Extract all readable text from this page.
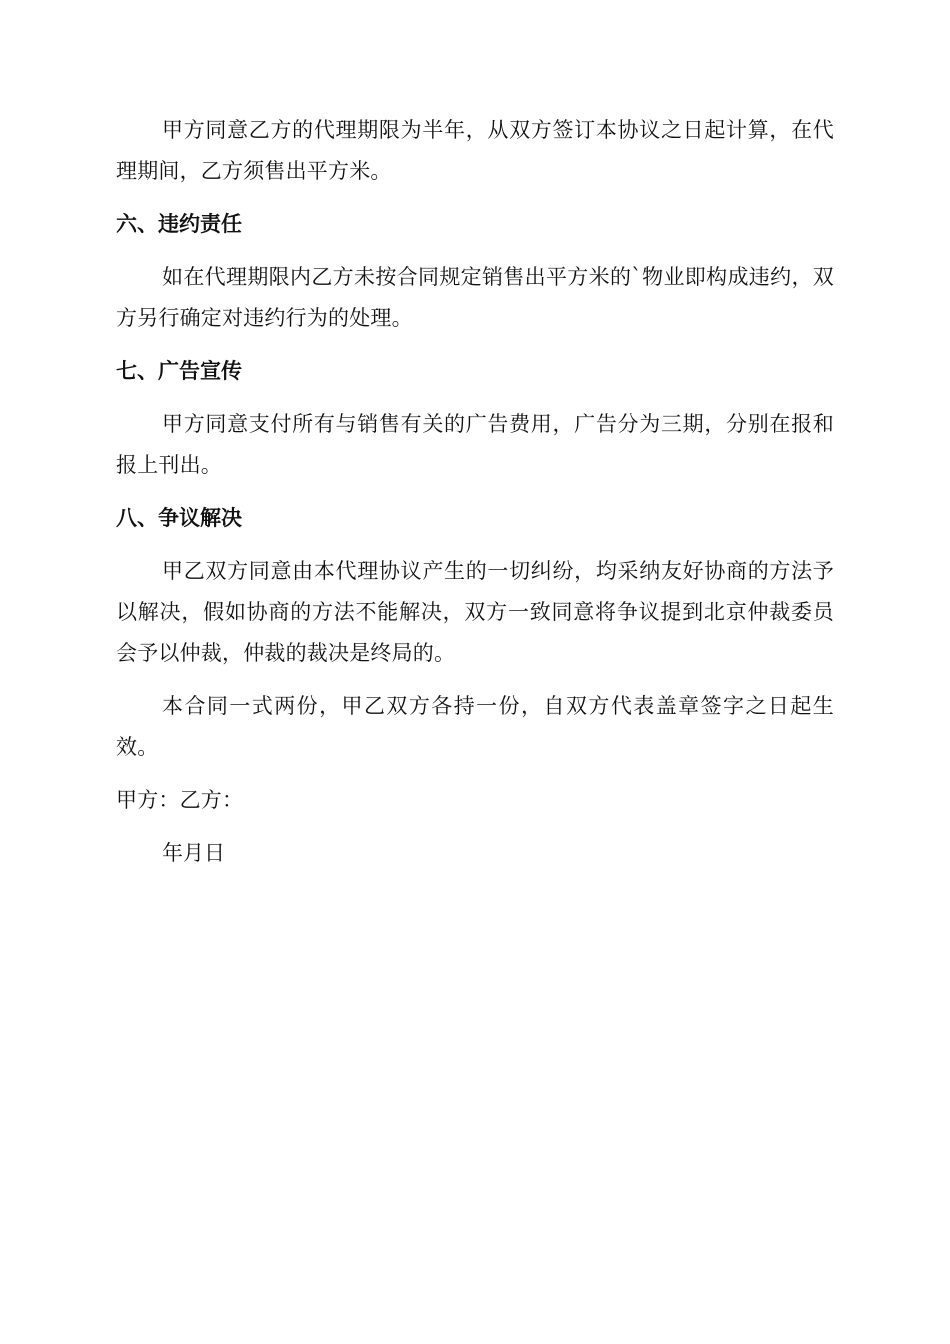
甲方同意乙方的代理期限为半年，从双方签订本协议之日起计算，在代理期间，乙方须售出平方米。

六、违约责任

如在代理期限内乙方未按合同规定销售出平方米的`物业即构成违约，双方另行确定对违约行为的处理。

七、广告宣传

甲方同意支付所有与销售有关的广告费用，广告分为三期，分别在报和报上刊出。

八、争议解决

甲乙双方同意由本代理协议产生的一切纠纷，均采纳友好协商的方法予以解决，假如协商的方法不能解决，双方一致同意将争议提到北京仲裁委员会予以仲裁，仲裁的裁决是终局的。

本合同一式两份，甲乙双方各持一份，自双方代表盖章签字之日起生效。

甲方：乙方：

年月日
